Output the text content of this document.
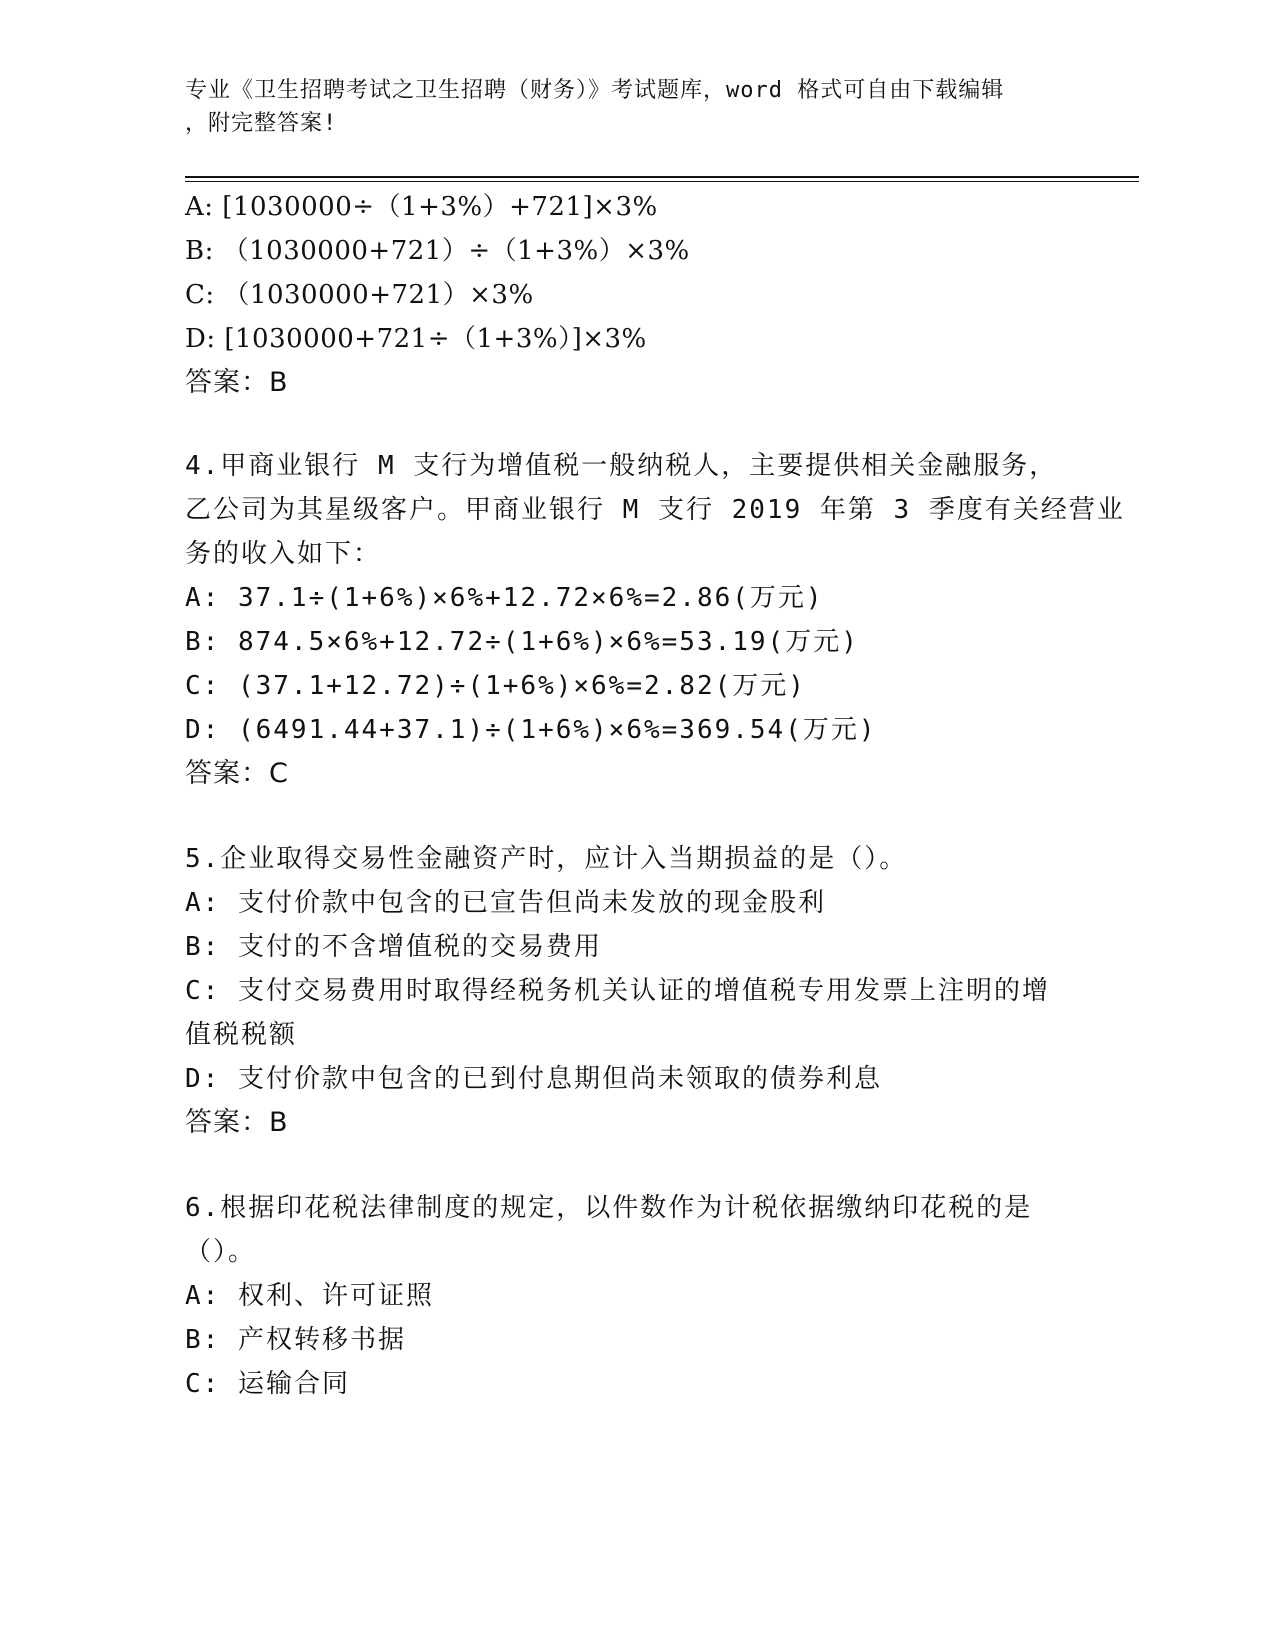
专业《卫生招聘考试之卫生招聘（财务）》考试题库，word 格式可自由下载编辑
，附完整答案!
A: [1030000÷（1+3%）+721]×3%
B: （1030000+721）÷（1+3%）×3%
C: （1030000+721）×3%
D: [1030000+721÷（1+3%）]×3%
答案：B
4.甲商业银行 M 支行为增值税一般纳税人，主要提供相关金融服务，
乙公司为其星级客户。甲商业银行 M 支行 2019 年第 3 季度有关经营业
务的收入如下：
A: 37.1÷(1+6%)×6%+12.72×6%=2.86(万元)
B: 874.5×6%+12.72÷(1+6%)×6%=53.19(万元)
C: (37.1+12.72)÷(1+6%)×6%=2.82(万元)
D: (6491.44+37.1)÷(1+6%)×6%=369.54(万元)
答案：C
5.企业取得交易性金融资产时，应计入当期损益的是（）。
A: 支付价款中包含的已宣告但尚未发放的现金股利
B: 支付的不含增值税的交易费用
C: 支付交易费用时取得经税务机关认证的增值税专用发票上注明的增
值税税额
D: 支付价款中包含的已到付息期但尚未领取的债券利息
答案：B
6.根据印花税法律制度的规定，以件数作为计税依据缴纳印花税的是
（）。
A: 权利、许可证照
B: 产权转移书据
C: 运输合同
